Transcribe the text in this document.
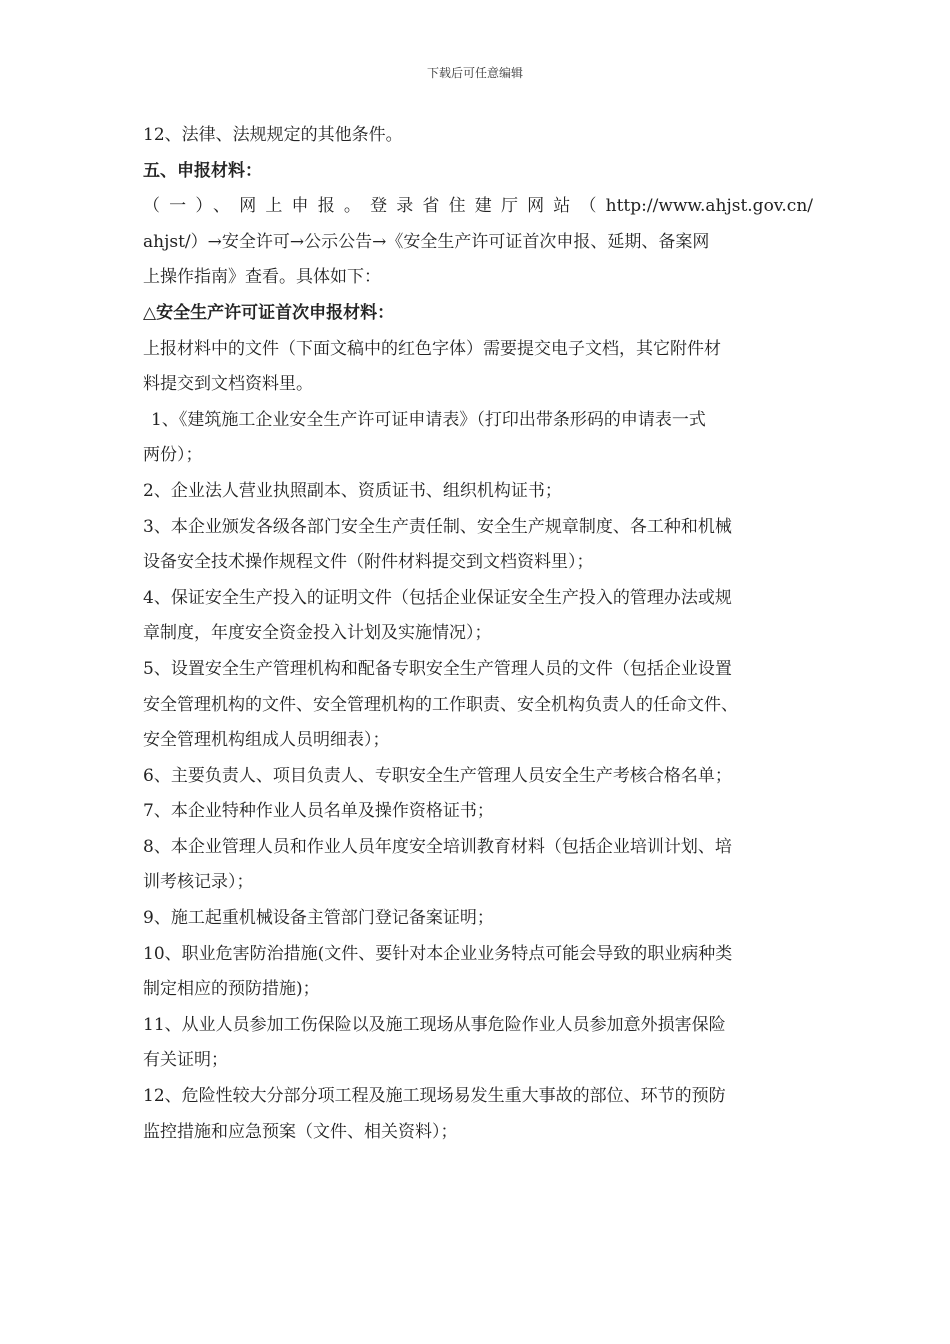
下载后可任意编辑
12、法律、法规规定的其他条件。
五、申报材料：
（一）、网上申报。登录省住建厅网站（http://www.ahjst.gov.cn/
ahjst/）→安全许可→公示公告→《安全生产许可证首次申报、延期、备案网
上操作指南》查看。具体如下：
△安全生产许可证首次申报材料：
上报材料中的文件（下面文稿中的红色字体）需要提交电子文档，其它附件材
料提交到文档资料里。
1、《建筑施工企业安全生产许可证申请表》（打印出带条形码的申请表一式
两份）；
2、企业法人营业执照副本、资质证书、组织机构证书；
3、本企业颁发各级各部门安全生产责任制、安全生产规章制度、各工种和机械
设备安全技术操作规程文件（附件材料提交到文档资料里）；
4、保证安全生产投入的证明文件（包括企业保证安全生产投入的管理办法或规
章制度，年度安全资金投入计划及实施情况）；
5、设置安全生产管理机构和配备专职安全生产管理人员的文件（包括企业设置
安全管理机构的文件、安全管理机构的工作职责、安全机构负责人的任命文件、
安全管理机构组成人员明细表）；
6、主要负责人、项目负责人、专职安全生产管理人员安全生产考核合格名单；
7、本企业特种作业人员名单及操作资格证书；
8、本企业管理人员和作业人员年度安全培训教育材料（包括企业培训计划、培
训考核记录）；
9、施工起重机械设备主管部门登记备案证明；
10、职业危害防治措施(文件、要针对本企业业务特点可能会导致的职业病种类
制定相应的预防措施)；
11、从业人员参加工伤保险以及施工现场从事危险作业人员参加意外损害保险
有关证明；
12、危险性较大分部分项工程及施工现场易发生重大事故的部位、环节的预防
监控措施和应急预案（文件、相关资料）；
